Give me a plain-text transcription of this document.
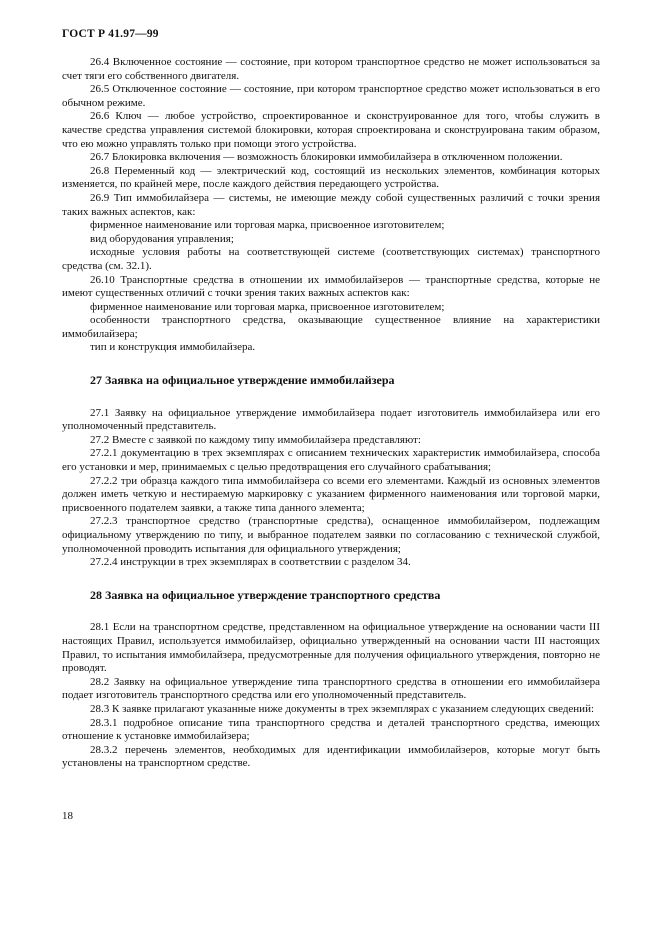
ГОСТ Р 41.97—99

26.4 Включенное состояние — состояние, при котором транспортное средство не может использоваться за счет тяги его собственного двигателя.

26.5 Отключенное состояние — состояние, при котором транспортное средство может использоваться в его обычном режиме.

26.6 Ключ — любое устройство, спроектированное и сконструированное для того, чтобы служить в качестве средства управления системой блокировки, которая спроектирована и сконструирована таким образом, что ею можно управлять только при помощи этого устройства.

26.7 Блокировка включения — возможность блокировки иммобилайзера в отключенном положении.

26.8 Переменный код — электрический код, состоящий из нескольких элементов, комбинация которых изменяется, по крайней мере, после каждого действия передающего устройства.

26.9 Тип иммобилайзера — системы, не имеющие между собой существенных различий с точки зрения таких важных аспектов, как:

фирменное наименование или торговая марка, присвоенное изготовителем;

вид оборудования управления;

исходные условия работы на соответствующей системе (соответствующих системах) транспортного средства (см. 32.1).

26.10 Транспортные средства в отношении их иммобилайзеров — транспортные средства, которые не имеют существенных отличий с точки зрения таких важных аспектов как:

фирменное наименование или торговая марка, присвоенное изготовителем;

особенности транспортного средства, оказывающие существенное влияние на характеристики иммобилайзера;

тип и конструкция иммобилайзера.

27 Заявка на официальное утверждение иммобилайзера

27.1 Заявку на официальное утверждение иммобилайзера подает изготовитель иммобилайзера или его уполномоченный представитель.

27.2 Вместе с заявкой по каждому типу иммобилайзера представляют:

27.2.1 документацию в трех экземплярах с описанием технических характеристик иммобилайзера, способа его установки и мер, принимаемых с целью предотвращения его случайного срабатывания;

27.2.2 три образца каждого типа иммобилайзера со всеми его элементами. Каждый из основных элементов должен иметь четкую и нестираемую маркировку с указанием фирменного наименования или торговой марки, присвоенного подателем заявки, а также типа данного элемента;

27.2.3 транспортное средство (транспортные средства), оснащенное иммобилайзером, подлежащим официальному утверждению по типу, и выбранное подателем заявки по согласованию с технической службой, уполномоченной проводить испытания для официального утверждения;

27.2.4 инструкции в трех экземплярах в соответствии с разделом 34.

28 Заявка на официальное утверждение транспортного средства

28.1 Если на транспортном средстве, представленном на официальное утверждение на основании части III настоящих Правил, используется иммобилайзер, официально утвержденный на основании части III настоящих Правил, то испытания иммобилайзера, предусмотренные для получения официального утверждения, повторно не проводят.

28.2 Заявку на официальное утверждение типа транспортного средства в отношении его иммобилайзера подает изготовитель транспортного средства или его уполномоченный представитель.

28.3 К заявке прилагают указанные ниже документы в трех экземплярах с указанием следующих сведений:

28.3.1 подробное описание типа транспортного средства и деталей транспортного средства, имеющих отношение к установке иммобилайзера;

28.3.2 перечень элементов, необходимых для идентификации иммобилайзеров, которые могут быть установлены на транспортном средстве.

18
